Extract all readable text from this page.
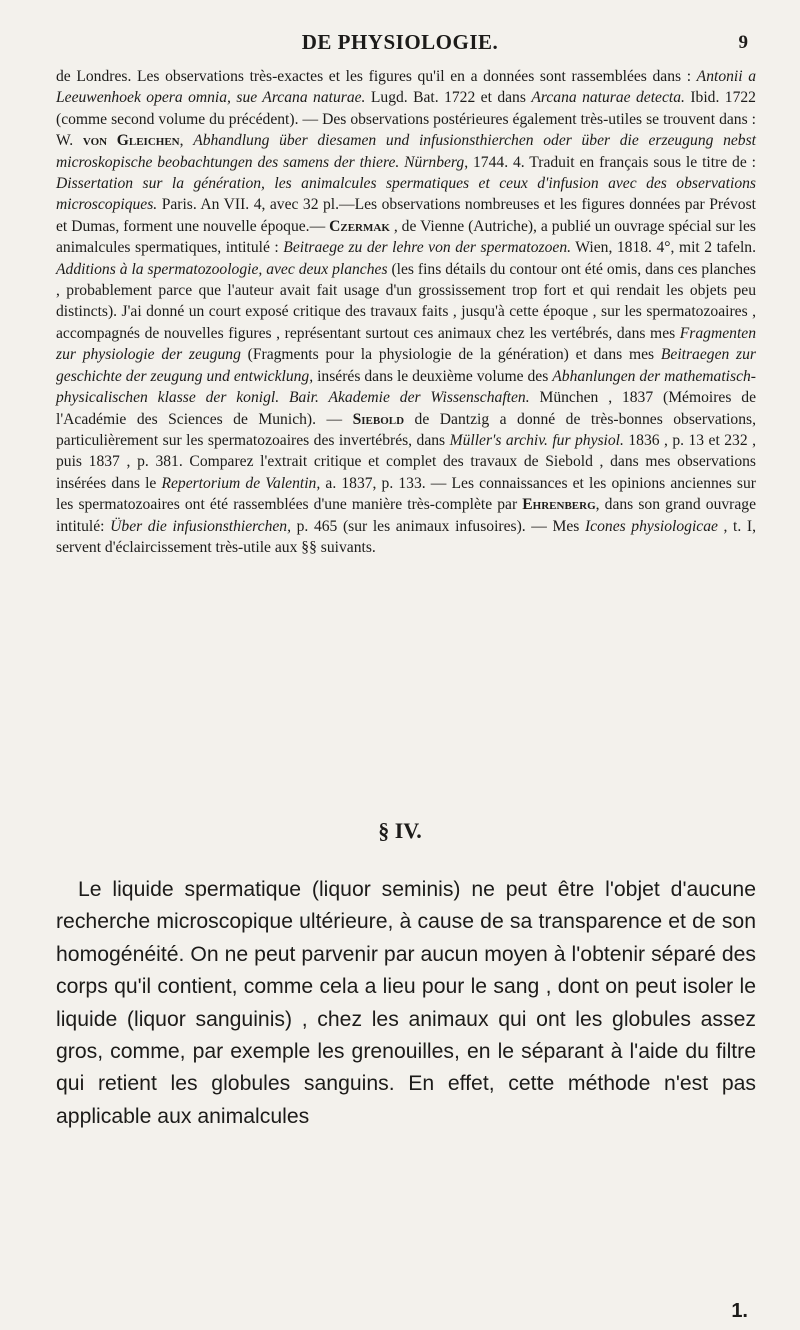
DE PHYSIOLOGIE.	9

de Londres. Les observations très-exactes et les figures qu'il en a données sont rassemblées dans : Antonii a Leeuwenhoek opera omnia, sue Arcana naturae. Lugd. Bat. 1722 et dans Arcana naturae detecta. Ibid. 1722 (comme second volume du précédent). — Des observations postérieures également très-utiles se trouvent dans : W. von Gleichen, Abhandlung über diesamen und infusionsthierchen oder über die erzeugung nebst microskopische beobachtungen des samens der thiere. Nürnberg, 1744. 4. Traduit en français sous le titre de : Dissertation sur la génération, les animalcules spermatiques et ceux d'infusion avec des observations microscopiques. Paris. An VII. 4, avec 32 pl.—Les observations nombreuses et les figures données par Prévost et Dumas, forment une nouvelle époque.— Czermak , de Vienne (Autriche), a publié un ouvrage spécial sur les animalcules spermatiques, intitulé : Beitraege zu der lehre von der spermatozoen. Wien, 1818. 4°, mit 2 tafeln. Additions à la spermatozoologie, avec deux planches (les fins détails du contour ont été omis, dans ces planches , probablement parce que l'auteur avait fait usage d'un grossissement trop fort et qui rendait les objets peu distincts). J'ai donné un court exposé critique des travaux faits , jusqu'à cette époque , sur les spermatozoaires , accompagnés de nouvelles figures , représentant surtout ces animaux chez les vertébrés, dans mes Fragmenten zur physiologie der zeugung (Fragments pour la physiologie de la génération) et dans mes Beitraegen zur geschichte der zeugung und entwicklung, insérés dans le deuxième volume des Abhanlungen der mathematisch-physicalischen klasse der konigl. Bair. Akademie der Wissenschaften. München , 1837 (Mémoires de l'Académie des Sciences de Munich). — Siebold de Dantzig a donné de très-bonnes observations, particulièrement sur les spermatozoaires des invertébrés, dans Müller's archiv. fur physiol. 1836 , p. 13 et 232 , puis 1837 , p. 381. Comparez l'extrait critique et complet des travaux de Siebold , dans mes observations insérées dans le Repertorium de Valentin, a. 1837, p. 133. — Les connaissances et les opinions anciennes sur les spermatozoaires ont été rassemblées d'une manière très-complète par Ehrenberg, dans son grand ouvrage intitulé: Über die infusionsthierchen, p. 465 (sur les animaux infusoires). — Mes Icones physiologicae , t. I, servent d'éclaircissement très-utile aux §§ suivants.

§ IV.

Le liquide spermatique (liquor seminis) ne peut être l'objet d'aucune recherche microscopique ultérieure, à cause de sa transparence et de son homogénéité. On ne peut parvenir par aucun moyen à l'obtenir séparé des corps qu'il contient, comme cela a lieu pour le sang , dont on peut isoler le liquide (liquor sanguinis) , chez les animaux qui ont les globules assez gros, comme, par exemple les grenouilles, en le séparant à l'aide du filtre qui retient les globules sanguins. En effet, cette méthode n'est pas applicable aux animalcules

1.
